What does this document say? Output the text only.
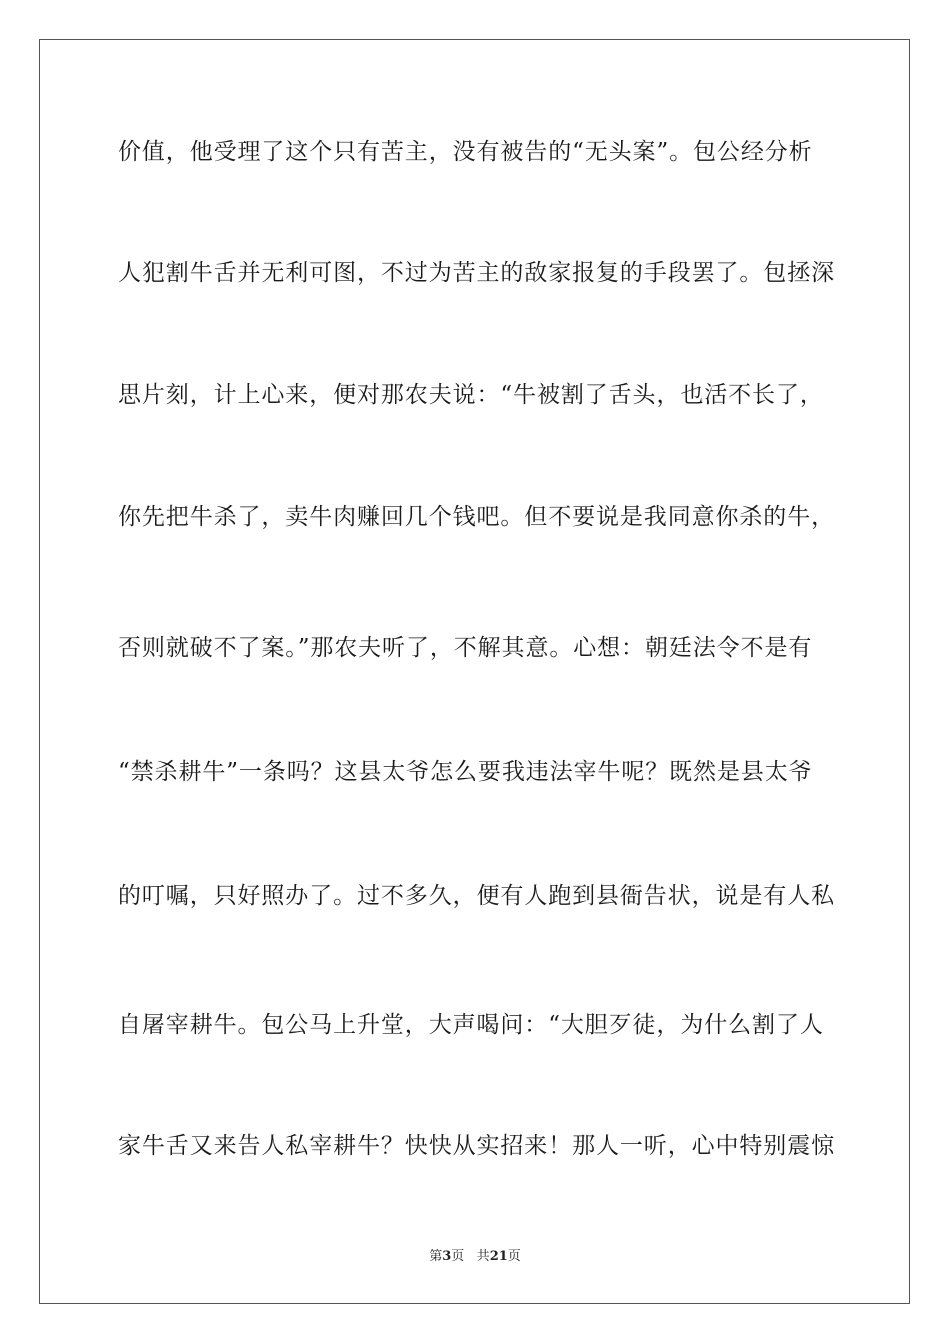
价值，他受理了这个只有苦主，没有被告的“无头案”。包公经分析
人犯割牛舌并无利可图，不过为苦主的敌家报复的手段罢了。包拯深
思片刻，计上心来，便对那农夫说：“牛被割了舌头，也活不长了，
你先把牛杀了，卖牛肉赚回几个钱吧。但不要说是我同意你杀的牛，
否则就破不了案。”那农夫听了，不解其意。心想：朝廷法令不是有
“禁杀耕牛”一条吗？这县太爷怎么要我违法宰牛呢？既然是县太爷
的叮嘱，只好照办了。过不多久，便有人跑到县衙告状，说是有人私
自屠宰耕牛。包公马上升堂，大声喝问：“大胆歹徒，为什么割了人
家牛舌又来告人私宰耕牛？快快从实招来！那人一听，心中特别震惊
第3页 共21页
